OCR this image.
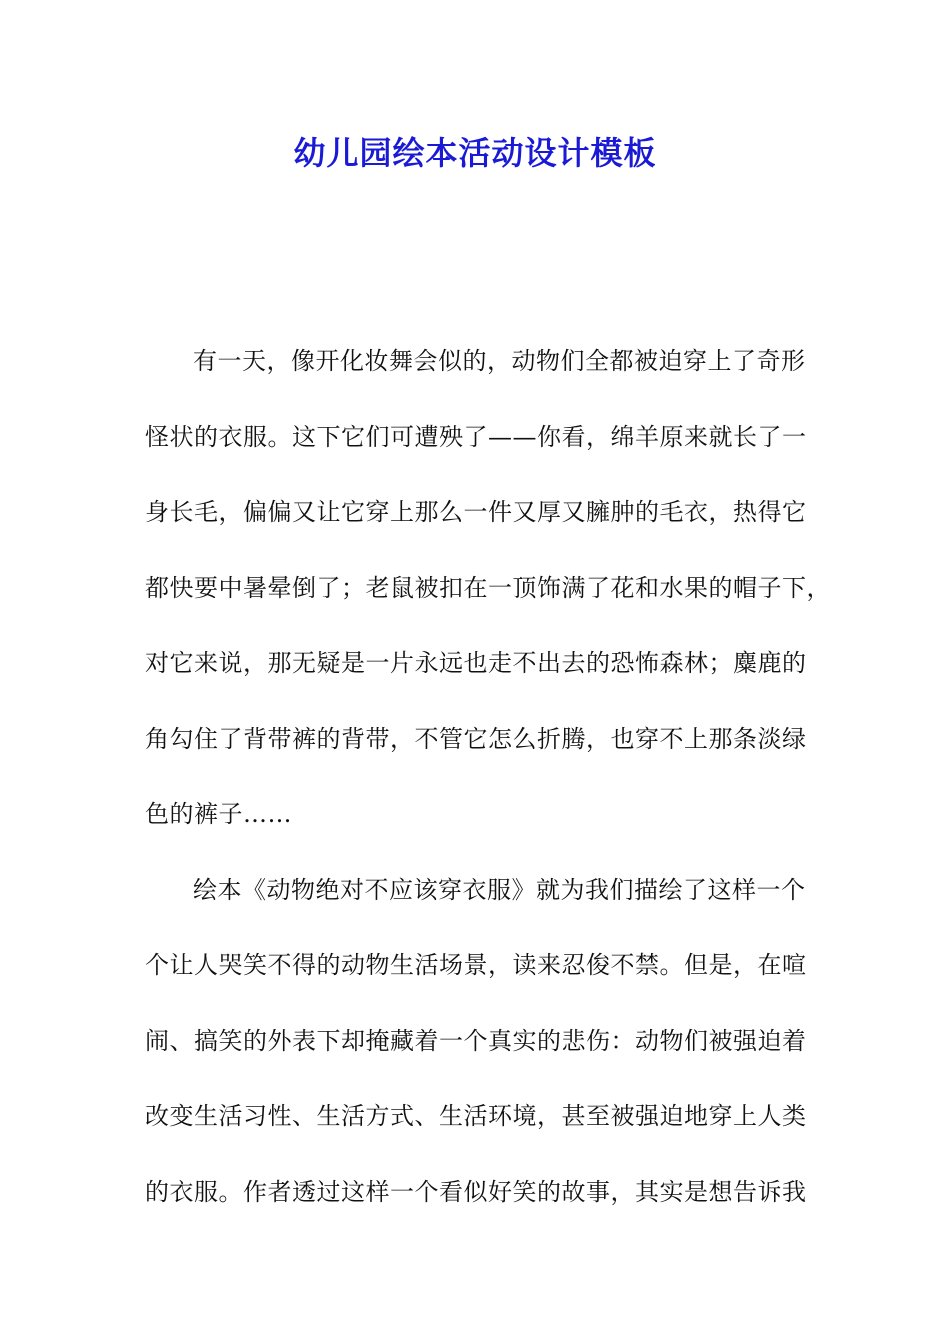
幼儿园绘本活动设计模板
有一天，像开化妆舞会似的，动物们全都被迫穿上了奇形
怪状的衣服。这下它们可遭殃了——你看，绵羊原来就长了一
身长毛，偏偏又让它穿上那么一件又厚又臃肿的毛衣，热得它
都快要中暑晕倒了；老鼠被扣在一顶饰满了花和水果的帽子下，
对它来说，那无疑是一片永远也走不出去的恐怖森林；麋鹿的
角勾住了背带裤的背带，不管它怎么折腾，也穿不上那条淡绿
色的裤子……
绘本《动物绝对不应该穿衣服》就为我们描绘了这样一个
个让人哭笑不得的动物生活场景，读来忍俊不禁。但是，在喧
闹、搞笑的外表下却掩藏着一个真实的悲伤：动物们被强迫着
改变生活习性、生活方式、生活环境，甚至被强迫地穿上人类
的衣服。作者透过这样一个看似好笑的故事，其实是想告诉我
